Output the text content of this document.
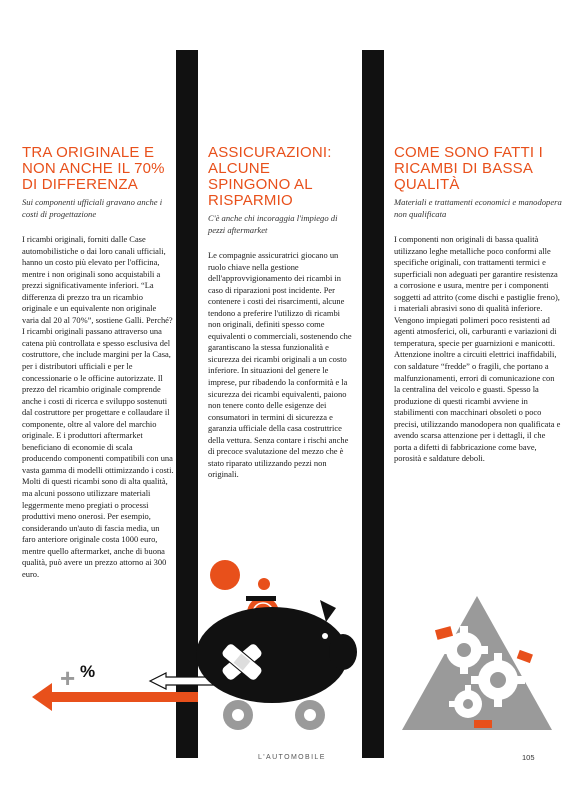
TRA ORIGINALE E NON ANCHE IL 70% DI DIFFERENZA

Sui componenti ufficiali gravano anche i costi di progettazione

I ricambi originali, forniti dalle Case automobilistiche o dai loro canali ufficiali, hanno un costo più elevato per l'officina, mentre i non originali sono acquistabili a prezzi significativamente inferiori. “La differenza di prezzo tra un ricambio originale e un equivalente non originale varia dal 20 al 70%”, sostiene Galli. Perché? I ricambi originali passano attraverso una catena più controllata e spesso esclusiva del costruttore, che include margini per la Casa, per i distributori ufficiali e per le concessionarie o le officine autorizzate. Il prezzo del ricambio originale comprende anche i costi di ricerca e sviluppo sostenuti dal costruttore per progettare e collaudare il componente, oltre al valore del marchio originale. E i produttori aftermarket beneficiano di economie di scala producendo componenti compatibili con una vasta gamma di modelli ottimizzando i costi. Molti di questi ricambi sono di alta qualità, ma alcuni possono utilizzare materiali leggermente meno pregiati o processi produttivi meno onerosi. Per esempio, considerando un'auto di fascia media, un faro anteriore originale costa 1000 euro, mentre quello aftermarket, anche di buona qualità, può avere un prezzo attorno ai 300 euro.

ASSICURAZIONI: ALCUNE SPINGONO AL RISPARMIO

C'è anche chi incoraggia l'impiego di pezzi aftermarket

Le compagnie assicuratrici giocano un ruolo chiave nella gestione dell'approvvigionamento dei ricambi in caso di riparazioni post incidente. Per contenere i costi dei risarcimenti, alcune tendono a preferire l'utilizzo di ricambi non originali, definiti spesso come equivalenti o commerciali, sostenendo che garantiscano la stessa funzionalità e sicurezza dei ricambi originali a un costo inferiore. In situazioni del genere le imprese, pur ribadendo la conformità e la sicurezza dei ricambi equivalenti, paiono non tenere conto delle esigenze dei consumatori in termini di sicurezza e garanzia ufficiale della casa costruttrice della vettura. Senza contare i rischi anche di precoce svalutazione del mezzo che è stato riparato utilizzando pezzi non originali.

COME SONO FATTI I RICAMBI DI BASSA QUALITÀ

Materiali e trattamenti economici e manodopera non qualificata

I componenti non originali di bassa qualità utilizzano leghe metalliche poco conformi alle specifiche originali, con trattamenti termici e superficiali non adeguati per garantire resistenza a corrosione e usura, mentre per i componenti soggetti ad attrito (come dischi e pastiglie freno), i materiali abrasivi sono di qualità inferiore. Vengono impiegati polimeri poco resistenti ad agenti atmosferici, oli, carburanti e variazioni di temperatura, specie per guarnizioni e manicotti. Attenzione inoltre a circuiti elettrici inaffidabili, con saldature “fredde” o fragili, che portano a malfunzionamenti, errori di comunicazione con la centralina del veicolo e guasti. Spesso la produzione di questi ricambi avviene in stabilimenti con macchinari obsoleti o poco precisi, utilizzando manodopera non qualificata e avendo scarsa attenzione per i dettagli, il che porta a difetti di fabbricazione come bave, porosità e saldature deboli.

+ %
L'AUTOMOBILE	105
